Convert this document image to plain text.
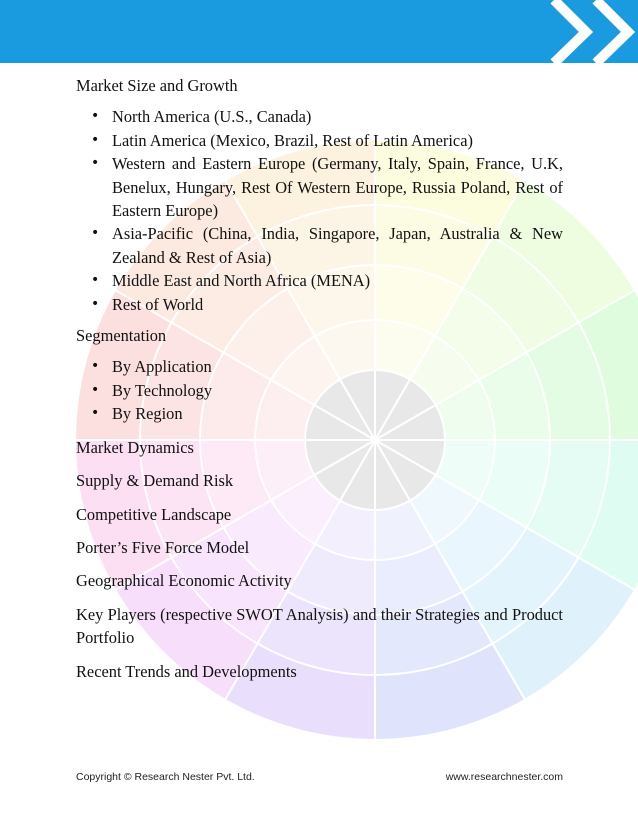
Market Size and Growth

• North America (U.S., Canada)
• Latin America (Mexico, Brazil, Rest of Latin America)
• Western and Eastern Europe (Germany, Italy, Spain, France, U.K, Benelux, Hungary, Rest Of Western Europe, Russia Poland, Rest of Eastern Europe)
• Asia-Pacific (China, India, Singapore, Japan, Australia & New Zealand & Rest of Asia)
• Middle East and North Africa (MENA)
• Rest of World

Segmentation

• By Application
• By Technology
• By Region

Market Dynamics

Supply & Demand Risk

Competitive Landscape

Porter’s Five Force Model

Geographical Economic Activity

Key Players (respective SWOT Analysis) and their Strategies and Product Portfolio

Recent Trends and Developments

Copyright © Research Nester Pvt. Ltd.	www.researchnester.com
